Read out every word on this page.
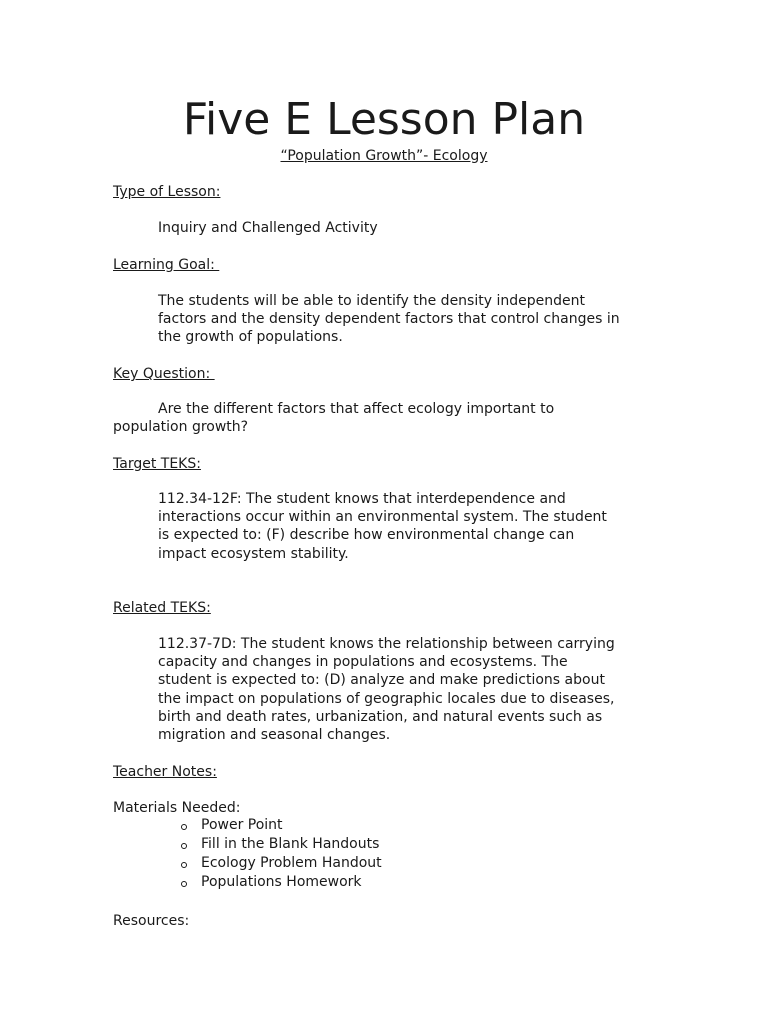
Five E Lesson Plan
“Population Growth”- Ecology
Type of Lesson:
Inquiry and Challenged Activity
Learning Goal:
The students will be able to identify the density independent
factors and the density dependent factors that control changes in
the growth of populations.
Key Question:
Are the different factors that affect ecology important to
population growth?
Target TEKS:
112.34-12F: The student knows that interdependence and
interactions occur within an environmental system. The student
is expected to: (F) describe how environmental change can
impact ecosystem stability.
Related TEKS:
112.37-7D: The student knows the relationship between carrying
capacity and changes in populations and ecosystems. The
student is expected to: (D) analyze and make predictions about
the impact on populations of geographic locales due to diseases,
birth and death rates, urbanization, and natural events such as
migration and seasonal changes.
Teacher Notes:
Materials Needed:
Power Point
Fill in the Blank Handouts
Ecology Problem Handout
Populations Homework
Resources:
